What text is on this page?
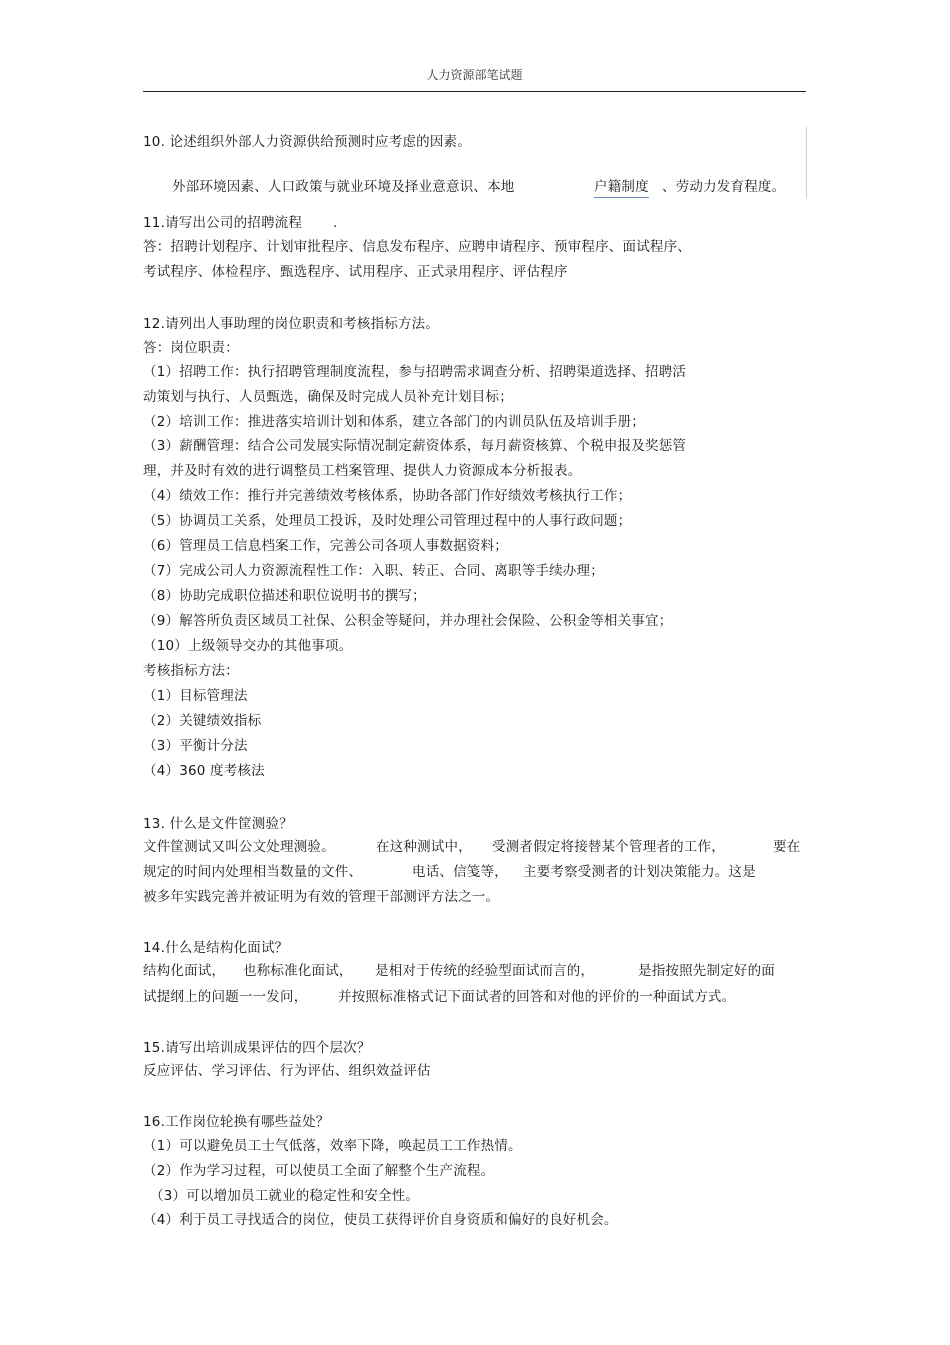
人力资源部笔试题
10. 论述组织外部人力资源供给预测时应考虑的因素。
外部环境因素、人口政策与就业环境及择业意意识、本地	户籍制度 、劳动力发育程度。
11.请写出公司的招聘流程 .
答：招聘计划程序、计划审批程序、信息发布程序、应聘申请程序、预审程序、面试程序、
考试程序、体检程序、甄选程序、试用程序、正式录用程序、评估程序
12.请列出人事助理的岗位职责和考核指标方法。
答：岗位职责：
（1）招聘工作：执行招聘管理制度流程，参与招聘需求调查分析、招聘渠道选择、招聘活
动策划与执行、人员甄选，确保及时完成人员补充计划目标；
（2）培训工作：推进落实培训计划和体系，建立各部门的内训员队伍及培训手册；
（3）薪酬管理：结合公司发展实际情况制定薪资体系，每月薪资核算、个税申报及奖惩管
理，并及时有效的进行调整员工档案管理、提供人力资源成本分析报表。
（4）绩效工作：推行并完善绩效考核体系，协助各部门作好绩效考核执行工作；
（5）协调员工关系，处理员工投诉，及时处理公司管理过程中的人事行政问题；
（6）管理员工信息档案工作，完善公司各项人事数据资料；
（7）完成公司人力资源流程性工作：入职、转正、合同、离职等手续办理；
（8）协助完成职位描述和职位说明书的撰写；
（9）解答所负责区域员工社保、公积金等疑问，并办理社会保险、公积金等相关事宜；
（10）上级领导交办的其他事项。
考核指标方法：
（1）目标管理法
（2）关键绩效指标
（3）平衡计分法
（4）360 度考核法
13. 什么是文件筐测验？
文件筐测试又叫公文处理测验。	在这种测试中， 受测者假定将接替某个管理者的工作，	要在
规定的时间内处理相当数量的文件、	电话、信笺等， 主要考察受测者的计划决策能力。这是
被多年实践完善并被证明为有效的管理干部测评方法之一。
14.什么是结构化面试？
结构化面试， 也称标准化面试， 是相对于传统的经验型面试而言的，	是指按照先制定好的面
试提纲上的问题一一发问， 并按照标准格式记下面试者的回答和对他的评价的一种面试方式。
15.请写出培训成果评估的四个层次？
反应评估、学习评估、行为评估、组织效益评估
16.工作岗位轮换有哪些益处？
（1）可以避免员工士气低落，效率下降，唤起员工工作热情。
（2）作为学习过程，可以使员工全面了解整个生产流程。
（3）可以增加员工就业的稳定性和安全性。
（4）利于员工寻找适合的岗位，使员工获得评价自身资质和偏好的良好机会。
